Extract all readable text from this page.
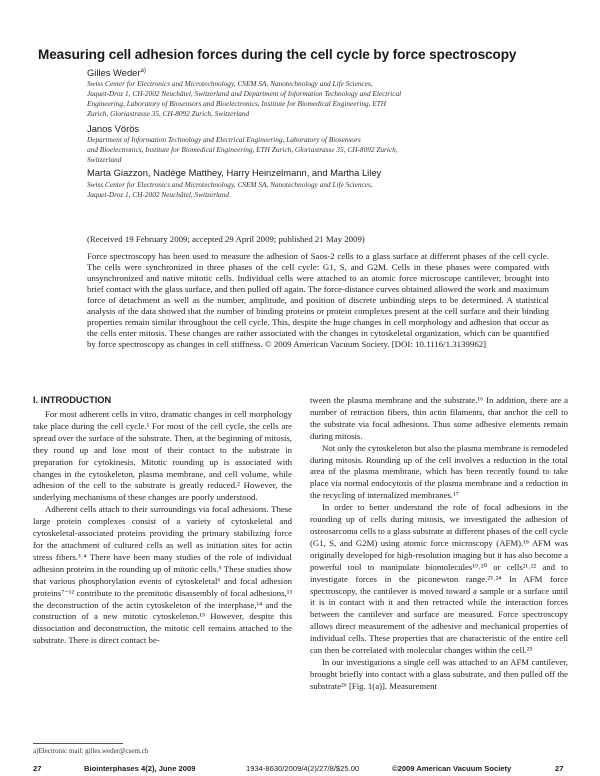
Measuring cell adhesion forces during the cell cycle by force spectroscopy
Gilles Weder$^{a)}$
Swiss Center for Electronics and Microtechnology, CSEM SA, Nanotechnology and Life Sciences,
Jaquet-Droz 1, CH-2002 Neuchâtel, Switzerland and Department of Information Technology and Electrical
Engineering, Laboratory of Biosensors and Bioelectronics, Institute for Biomedical Engineering, ETH
Zurich, Gloriastrasse 35, CH-8092 Zurich, Switzerland
Janos Vörös
Department of Information Technology and Electrical Engineering, Laboratory of Biosensors
and Bioelectronics, Institute for Biomedical Engineering, ETH Zurich, Gloriastrasse 35, CH-8092 Zurich,
Switzerland
Marta Giazzon, Nadège Matthey, Harry Heinzelmann, and Martha Liley
Swiss Center for Electronics and Microtechnology, CSEM SA, Nanotechnology and Life Sciences,
Jaquet-Droz 1, CH-2002 Neuchâtel, Switzerland
(Received 19 February 2009; accepted 29 April 2009; published 21 May 2009)
Force spectroscopy has been used to measure the adhesion of Saos-2 cells to a glass surface at different phases of the cell cycle. The cells were synchronized in three phases of the cell cycle: G1, S, and G2M. Cells in these phases were compared with unsynchronized and native mitotic cells. Individual cells were attached to an atomic force microscope cantilever, brought into brief contact with the glass surface, and then pulled off again. The force-distance curves obtained allowed the work and maximum force of detachment as well as the number, amplitude, and position of discrete unbinding steps to be determined. A statistical analysis of the data showed that the number of binding proteins or protein complexes present at the cell surface and their binding properties remain similar throughout the cell cycle. This, despite the huge changes in cell morphology and adhesion that occur as the cells enter mitosis. These changes are rather associated with the changes in cytoskeletal organization, which can be quantified by force spectroscopy as changes in cell stiffness. © 2009 American Vacuum Society. [DOI: 10.1116/1.3139962]
I. INTRODUCTION

For most adherent cells in vitro, dramatic changes in cell morphology take place during the cell cycle.¹ For most of the cell cycle, the cells are spread over the surface of the substrate. Then, at the beginning of mitosis, they round up and lose most of their contact to the substrate in preparation for cytokinesis. Mitotic rounding up is associated with changes in the cytoskeleton, plasma membrane, and cell volume, while adhesion of the cell to the substrate is greatly reduced.² However, the underlying mechanisms of these changes are poorly understood.

Adherent cells attach to their surroundings via focal adhesions. These large protein complexes consist of a variety of cytoskeletal and cytoskeletal-associated proteins providing the primary stabilizing force for the attachment of cultured cells as well as initiation sites for actin stress fibers.³˒⁴ There have been many studies of the role of individual adhesion proteins in the rounding up of mitotic cells.⁵ These studies show that various phosphorylation events of cytoskeletal⁶ and focal adhesion proteins⁷⁻¹² contribute to the premitotic disassembly of focal adhesions,¹³ the deconstruction of the actin cytoskeleton of the interphase,¹⁴ and the construction of a new mitotic cytoskeleton.¹⁵ However, despite this dissociation and deconstruction, the mitotic cell remains attached to the substrate. There is direct contact be-

tween the plasma membrane and the substrate.¹⁶ In addition, there are a number of retraction fibers, thin actin filaments, that anchor the cell to the substrate via focal adhesions. Thus some adhesive elements remain during mitosis.

Not only the cytoskeleton but also the plasma membrane is remodeled during mitosis. Rounding up of the cell involves a reduction in the total area of the plasma membrane, which has been recently found to take place via normal endocytosis of the plasma membrane and a reduction in the recycling of internalized membranes.¹⁷

In order to better understand the role of focal adhesions in the rounding up of cells during mitosis, we investigated the adhesion of osteosarcoma cells to a glass substrate at different phases of the cell cycle (G1, S, and G2M) using atomic force microscopy (AFM).¹⁸ AFM was originally developed for high-resolution imaging but it has also become a powerful tool to manipulate biomolecules¹⁹˒²⁰ or cells²¹˒²² and to investigate forces in the piconewton range.²³˒²⁴ In AFM force spectroscopy, the cantilever is moved toward a sample or a surface until it is in contact with it and then retracted while the interaction forces between the cantilever and surface are measured. Force spectroscopy allows direct measurement of the adhesive and mechanical properties of individual cells. These properties that are characteristic of the entire cell can then be correlated with molecular changes within the cell.²⁵

In our investigations a single cell was attached to an AFM cantilever, brought briefly into contact with a glass substrate, and then pulled off the substrate²⁶ [Fig. 1(a)]. Measurement

a)Electronic mail: gilles.weder@csem.ch
27	Biointerphases 4(2), June 2009	1934-8630/2009/4(2)/27/8/$25.00	©2009 American Vacuum Society	27
